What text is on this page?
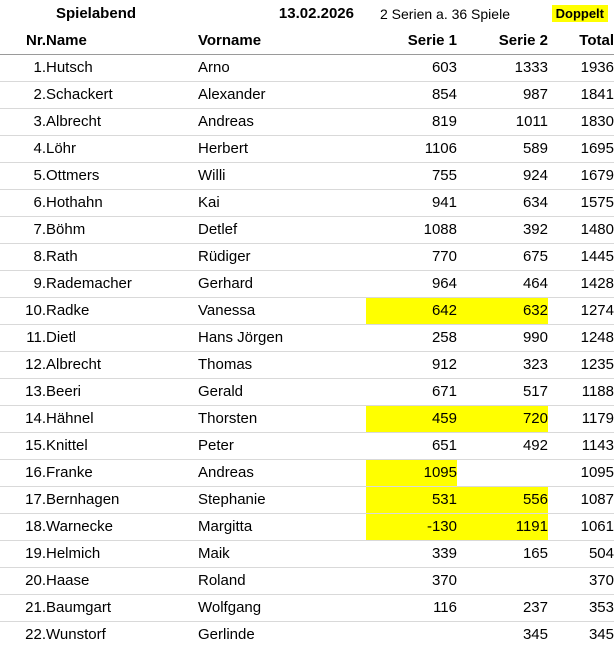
	Spielabend	13.02.2026	2 Serien a. 36 Spiele		Doppelt
Nr.	Name	Vorname	Serie 1	Serie 2	Total
1.	Hutsch	Arno	603	1333	1936
2.	Schackert	Alexander	854	987	1841
3.	Albrecht	Andreas	819	1011	1830
4.	Löhr	Herbert	1106	589	1695
5.	Ottmers	Willi	755	924	1679
6.	Hothahn	Kai	941	634	1575
7.	Böhm	Detlef	1088	392	1480
8.	Rath	Rüdiger	770	675	1445
9.	Rademacher	Gerhard	964	464	1428
10.	Radke	Vanessa	642	632	1274
11.	Dietl	Hans Jörgen	258	990	1248
12.	Albrecht	Thomas	912	323	1235
13.	Beeri	Gerald	671	517	1188
14.	Hähnel	Thorsten	459	720	1179
15.	Knittel	Peter	651	492	1143
16.	Franke	Andreas	1095		1095
17.	Bernhagen	Stephanie	531	556	1087
18.	Warnecke	Margitta	-130	1191	1061
19.	Helmich	Maik	339	165	504
20.	Haase	Roland	370		370
21.	Baumgart	Wolfgang	116	237	353
22.	Wunstorf	Gerlinde		345	345
